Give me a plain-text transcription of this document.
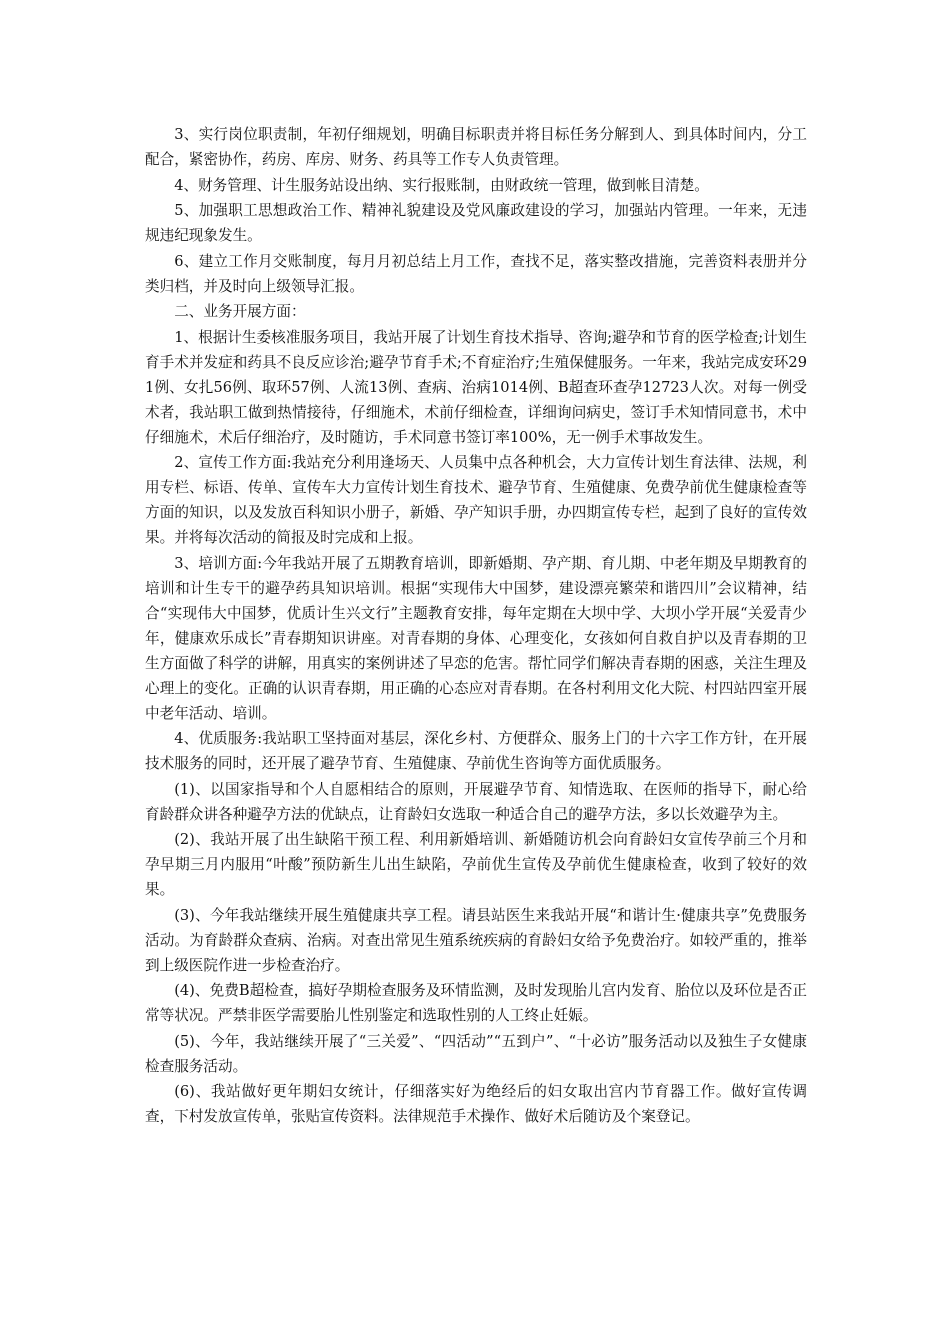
3、实行岗位职责制，年初仔细规划，明确目标职责并将目标任务分解到人、到具体时间内，分工配合，紧密协作，药房、库房、财务、药具等工作专人负责管理。

4、财务管理、计生服务站设出纳、实行报账制，由财政统一管理，做到帐目清楚。

5、加强职工思想政治工作、精神礼貌建设及党风廉政建设的学习，加强站内管理。一年来，无违规违纪现象发生。

6、建立工作月交账制度，每月月初总结上月工作，查找不足，落实整改措施，完善资料表册并分类归档，并及时向上级领导汇报。

二、业务开展方面：

1、根据计生委核准服务项目，我站开展了计划生育技术指导、咨询;避孕和节育的医学检查;计划生育手术并发症和药具不良反应诊治;避孕节育手术;不育症治疗;生殖保健服务。一年来，我站完成安环291例、女扎56例、取环57例、人流13例、查病、治病1014例、B超查环查孕12723人次。对每一例受术者，我站职工做到热情接待，仔细施术，术前仔细检查，详细询问病史，签订手术知情同意书，术中仔细施术，术后仔细治疗，及时随访，手术同意书签订率100%，无一例手术事故发生。

2、宣传工作方面:我站充分利用逢场天、人员集中点各种机会，大力宣传计划生育法律、法规，利用专栏、标语、传单、宣传车大力宣传计划生育技术、避孕节育、生殖健康、免费孕前优生健康检查等方面的知识，以及发放百科知识小册子，新婚、孕产知识手册，办四期宣传专栏，起到了良好的宣传效果。并将每次活动的简报及时完成和上报。

3、培训方面:今年我站开展了五期教育培训，即新婚期、孕产期、育儿期、中老年期及早期教育的培训和计生专干的避孕药具知识培训。根据“实现伟大中国梦，建设漂亮繁荣和谐四川”会议精神，结合“实现伟大中国梦，优质计生兴文行”主题教育安排，每年定期在大坝中学、大坝小学开展“关爱青少年，健康欢乐成长”青春期知识讲座。对青春期的身体、心理变化，女孩如何自救自护以及青春期的卫生方面做了科学的讲解，用真实的案例讲述了早恋的危害。帮忙同学们解决青春期的困惑，关注生理及心理上的变化。正确的认识青春期，用正确的心态应对青春期。在各村利用文化大院、村四站四室开展中老年活动、培训。

4、优质服务:我站职工坚持面对基层，深化乡村、方便群众、服务上门的十六字工作方针，在开展技术服务的同时，还开展了避孕节育、生殖健康、孕前优生咨询等方面优质服务。

(1)、以国家指导和个人自愿相结合的原则，开展避孕节育、知情选取、在医师的指导下，耐心给育龄群众讲各种避孕方法的优缺点，让育龄妇女选取一种适合自己的避孕方法，多以长效避孕为主。

(2)、我站开展了出生缺陷干预工程、利用新婚培训、新婚随访机会向育龄妇女宣传孕前三个月和孕早期三月内服用“叶酸”预防新生儿出生缺陷，孕前优生宣传及孕前优生健康检查，收到了较好的效果。

(3)、今年我站继续开展生殖健康共享工程。请县站医生来我站开展“和谐计生·健康共享”免费服务活动。为育龄群众查病、治病。对查出常见生殖系统疾病的育龄妇女给予免费治疗。如较严重的，推举到上级医院作进一步检查治疗。

(4)、免费B超检查，搞好孕期检查服务及环情监测，及时发现胎儿宫内发育、胎位以及环位是否正常等状况。严禁非医学需要胎儿性别鉴定和选取性别的人工终止妊娠。

(5)、今年，我站继续开展了“三关爱”、“四活动”“五到户”、“十必访”服务活动以及独生子女健康检查服务活动。

(6)、我站做好更年期妇女统计，仔细落实好为绝经后的妇女取出宫内节育器工作。做好宣传调查，下村发放宣传单，张贴宣传资料。法律规范手术操作、做好术后随访及个案登记。
